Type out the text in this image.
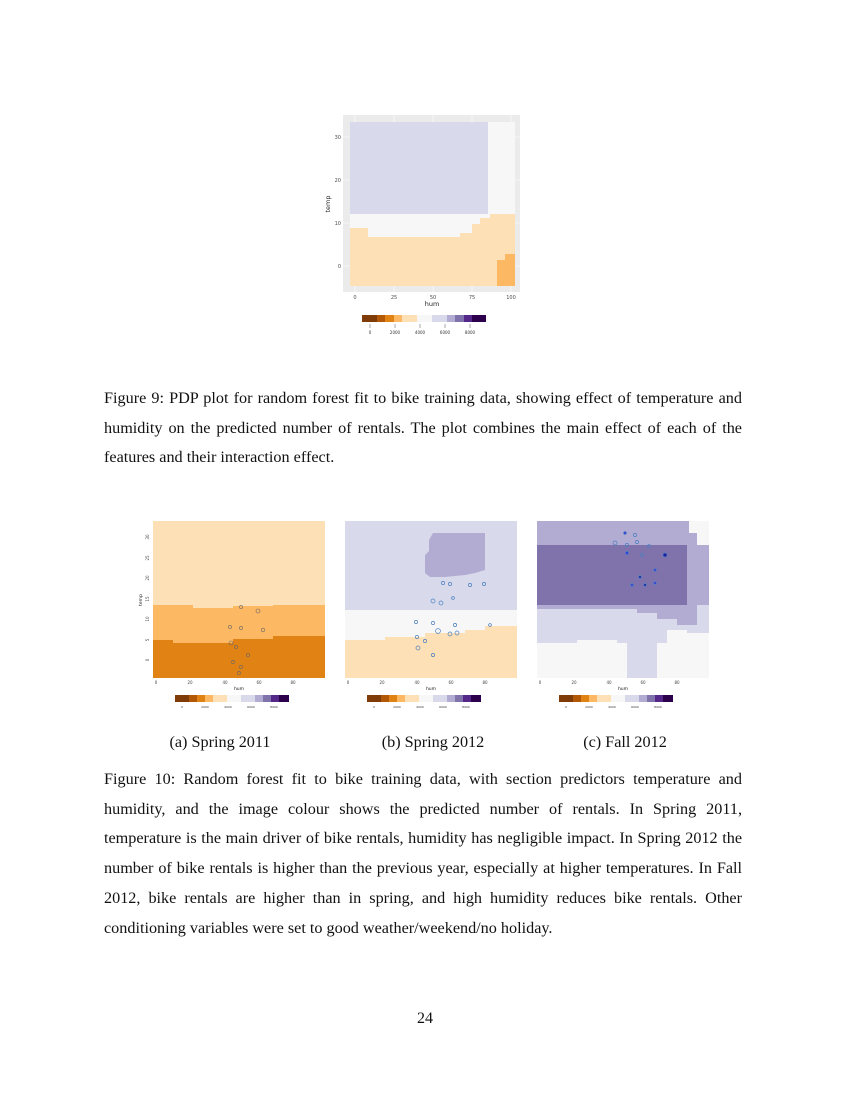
0
10
20
30
0	25	50	75	100
hum
temp
0	2000	4000	6000	8000

Figure 9: PDP plot for random forest fit to bike training data, showing effect of temperature and humidity on the predicted number of rentals. The plot combines the main effect of each of the features and their interaction effect.

0	20	40	60	80
0
5
10
15
20
25
30
hum
temp
0	2000	4000	6000	8000
0	20	40	60	80
hum
0	2000	4000	6000	8000
0	20	40	60	80
hum
0	2000	4000	6000	8000
(a) Spring 2011	(b) Spring 2012	(c) Fall 2012

Figure 10: Random forest fit to bike training data, with section predictors temperature and humidity, and the image colour shows the predicted number of rentals. In Spring 2011, temperature is the main driver of bike rentals, humidity has negligible impact. In Spring 2012 the number of bike rentals is higher than the previous year, especially at higher temperatures. In Fall 2012, bike rentals are higher than in spring, and high humidity reduces bike rentals. Other conditioning variables were set to good weather/weekend/no holiday.

24
